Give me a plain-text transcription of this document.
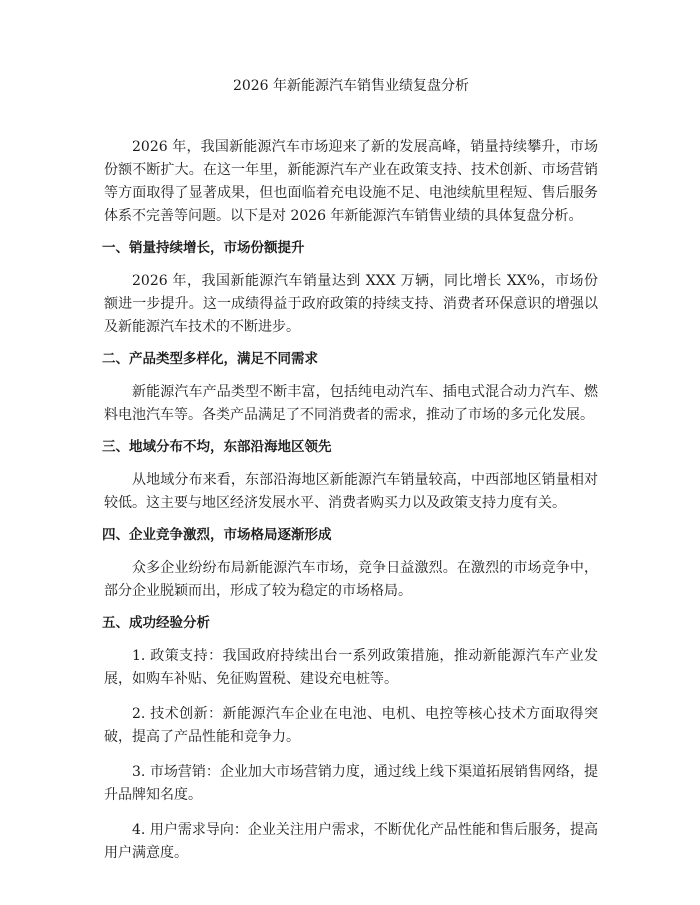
2026 年新能源汽车销售业绩复盘分析

2026 年，我国新能源汽车市场迎来了新的发展高峰，销量持续攀升，市场份额不断扩大。在这一年里，新能源汽车产业在政策支持、技术创新、市场营销等方面取得了显著成果，但也面临着充电设施不足、电池续航里程短、售后服务体系不完善等问题。以下是对 2026 年新能源汽车销售业绩的具体复盘分析。

一、销量持续增长，市场份额提升

2026 年，我国新能源汽车销量达到 XXX 万辆，同比增长 XX%，市场份额进一步提升。这一成绩得益于政府政策的持续支持、消费者环保意识的增强以及新能源汽车技术的不断进步。

二、产品类型多样化，满足不同需求

新能源汽车产品类型不断丰富，包括纯电动汽车、插电式混合动力汽车、燃料电池汽车等。各类产品满足了不同消费者的需求，推动了市场的多元化发展。

三、地域分布不均，东部沿海地区领先

从地域分布来看，东部沿海地区新能源汽车销量较高，中西部地区销量相对较低。这主要与地区经济发展水平、消费者购买力以及政策支持力度有关。

四、企业竞争激烈，市场格局逐渐形成

众多企业纷纷布局新能源汽车市场，竞争日益激烈。在激烈的市场竞争中，部分企业脱颖而出，形成了较为稳定的市场格局。

五、成功经验分析

1. 政策支持：我国政府持续出台一系列政策措施，推动新能源汽车产业发展，如购车补贴、免征购置税、建设充电桩等。

2. 技术创新：新能源汽车企业在电池、电机、电控等核心技术方面取得突破，提高了产品性能和竞争力。

3. 市场营销：企业加大市场营销力度，通过线上线下渠道拓展销售网络，提升品牌知名度。

4. 用户需求导向：企业关注用户需求，不断优化产品性能和售后服务，提高用户满意度。
